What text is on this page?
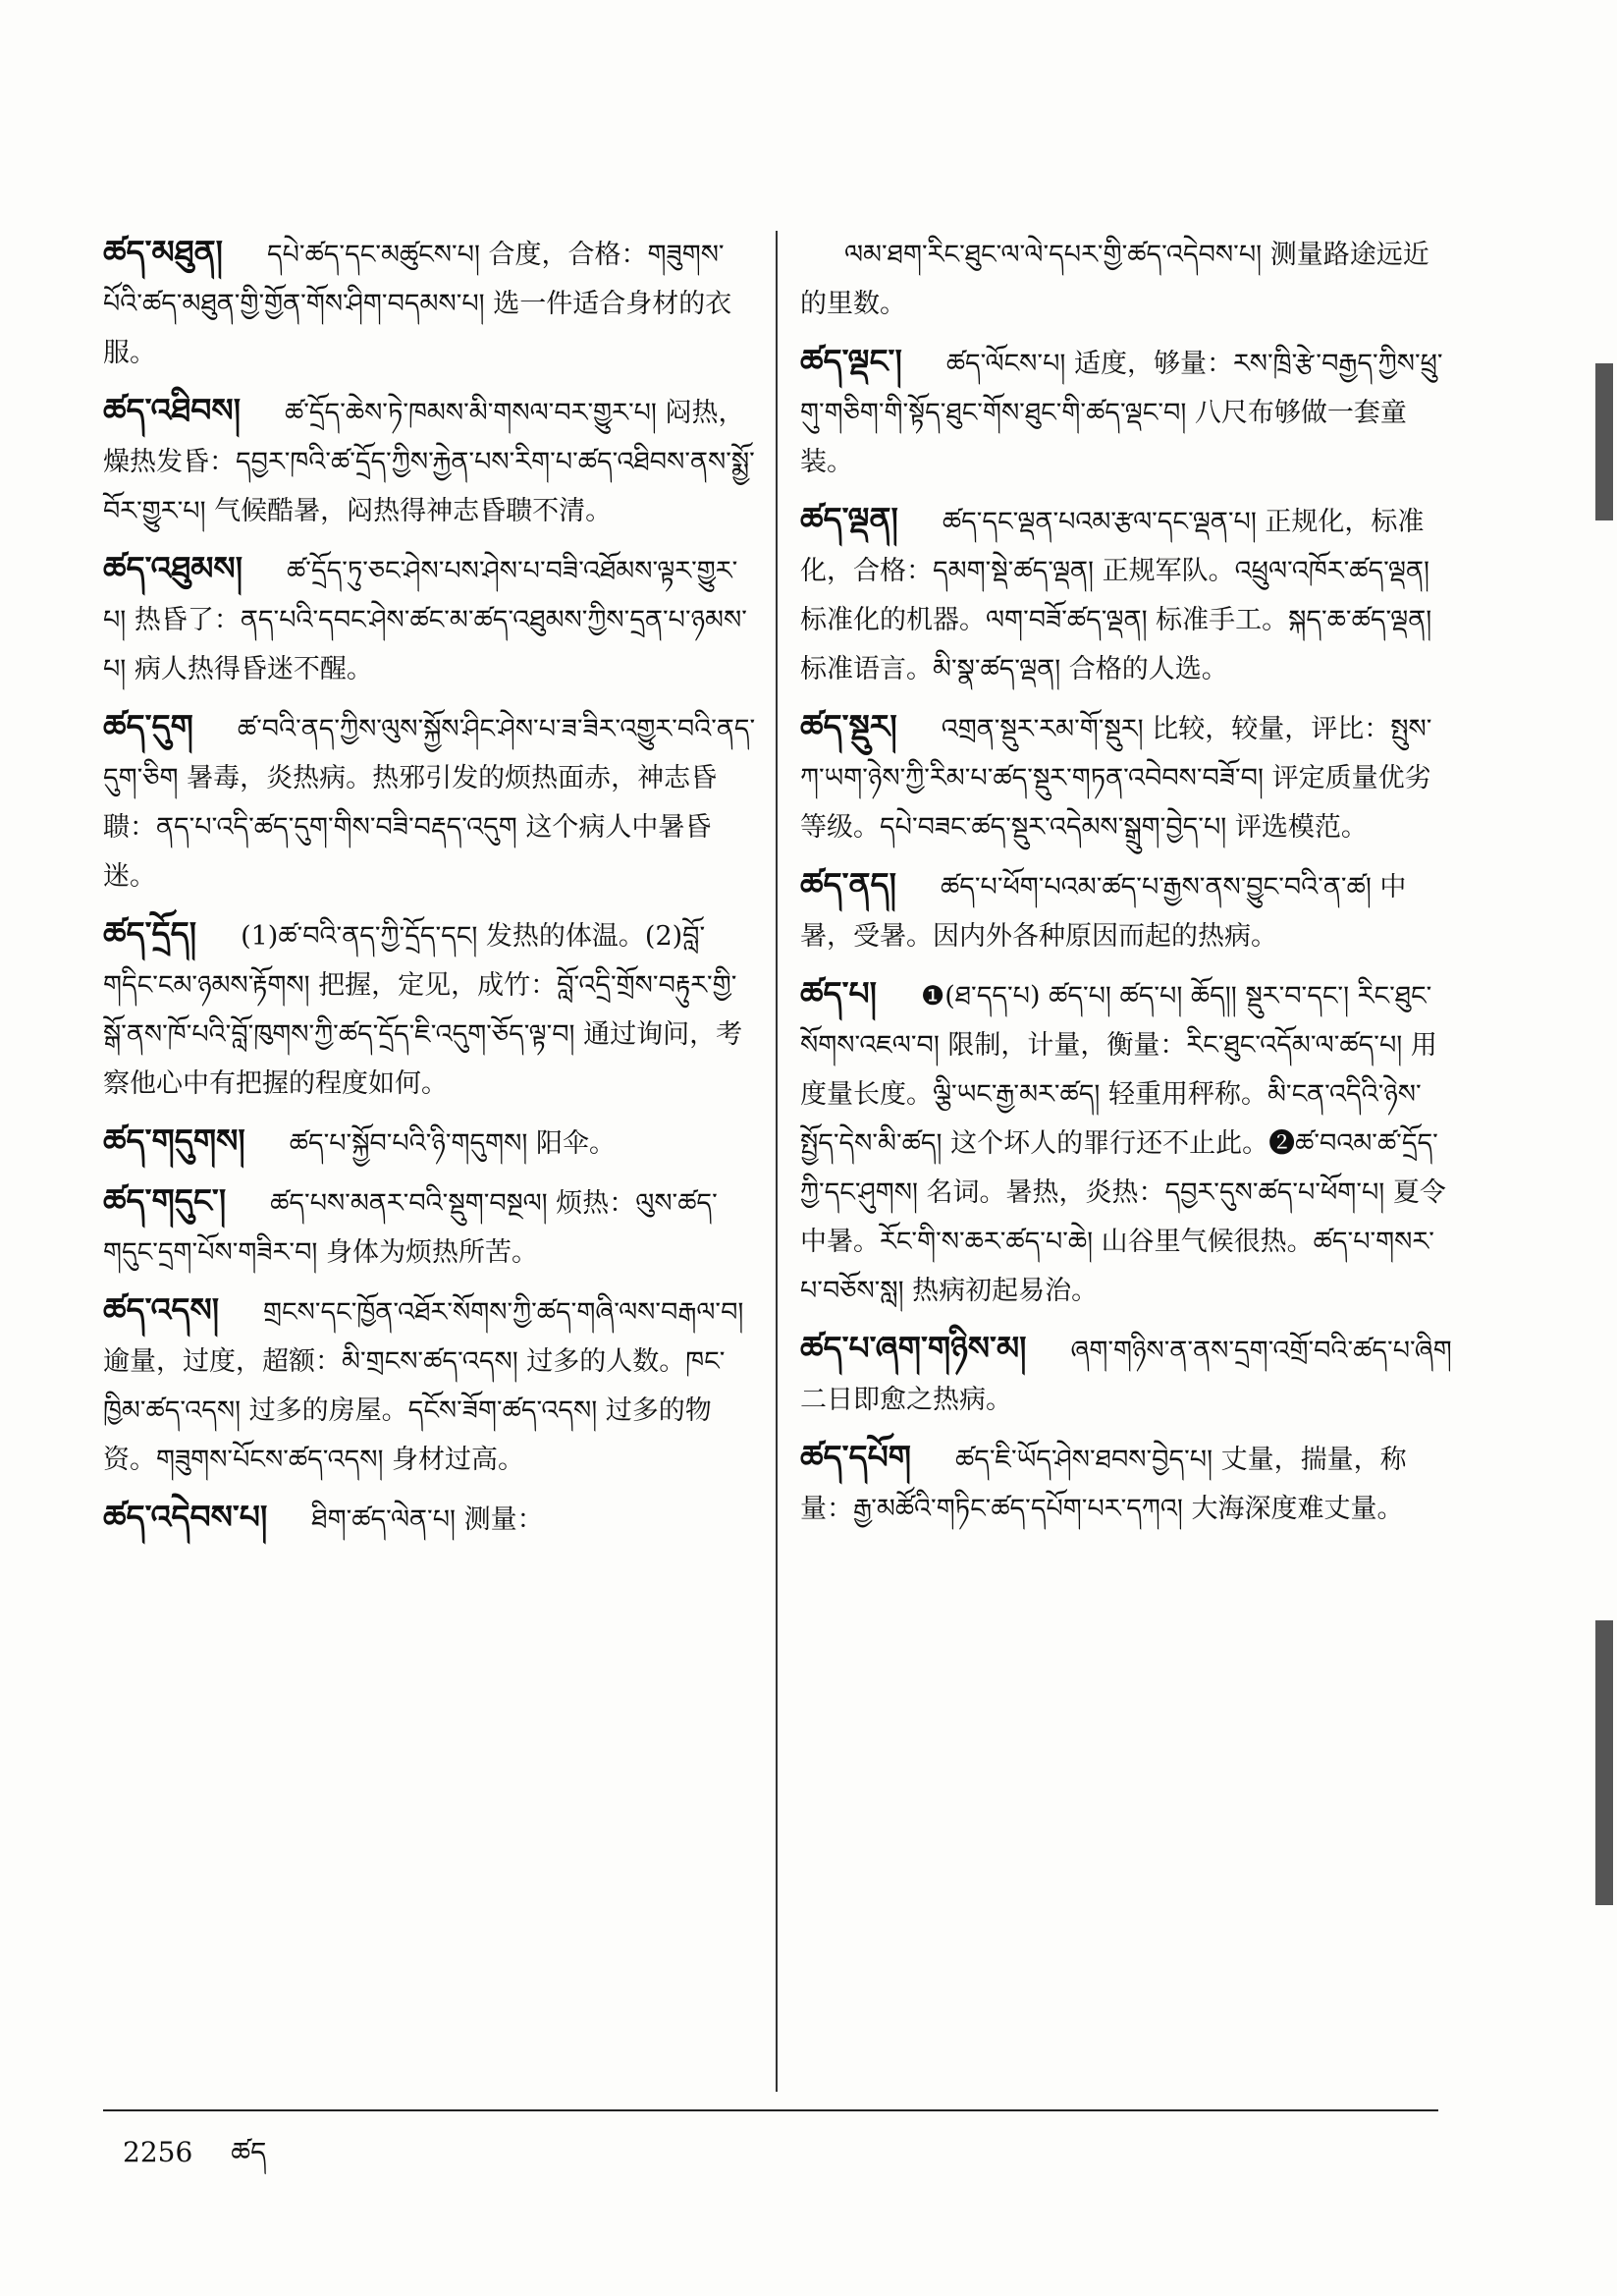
ཚད་མཐུན། དཔེ་ཚད་དང་མཚུངས་པ། 合度，合格：གཟུགས་པོའི་ཚད་མཐུན་གྱི་གྱོན་གོས་ཤིག་བདམས་པ། 选一件适合身材的衣服。
ཚད་འཐིབས། ཚ་དྲོད་ཆེས་ཏེ་ཁམས་མི་གསལ་བར་གྱུར་པ། 闷热，燥热发昏：དབྱར་ཁའི་ཚ་དྲོད་ཀྱིས་རྐྱེན་པས་རིག་པ་ཚད་འཐིབས་ནས་སྨྱོ་བོར་གྱུར་པ། 气候酷暑，闷热得神志昏聩不清。
ཚད་འཐུམས། ཚ་དྲོད་ཏུ་ཅང་ཤེས་པས་ཤེས་པ་བཟི་འཐོམས་ལྟར་གྱུར་པ། 热昏了：ནད་པའི་དབང་ཤེས་ཚང་མ་ཚད་འཐུམས་ཀྱིས་དྲན་པ་ཉམས་པ། 病人热得昏迷不醒。
ཚད་དུག ཚ་བའི་ནད་ཀྱིས་ལུས་སྐྱོས་ཤིང་ཤེས་པ་ཟ་ཟིར་འགྱུར་བའི་ནད་དུག་ཅིག 暑毒，炎热病。热邪引发的烦热面赤，神志昏聩：ནད་པ་འདི་ཚད་དུག་གིས་བཟི་བརྡད་འདུག 这个病人中暑昏迷。
ཚད་དྲོད། (1)ཚ་བའི་ནད་ཀྱི་དྲོད་དང། 发热的体温。(2)བློ་གདིང་ངམ་ཉམས་རྟོགས། 把握，定见，成竹：བློ་འདྲི་གྲོས་བརྟུར་གྱི་སྒོ་ནས་ཁོ་པའི་བློ་ཁུགས་ཀྱི་ཚད་དྲོད་ཇི་འདུག་ཅོད་ལྟ་བ། 通过询问，考察他心中有把握的程度如何。
ཚད་གདུགས། ཚད་པ་སྐྱོབ་པའི་ཉི་གདུགས། 阳伞。
ཚད་གདུང་། ཚད་པས་མནར་བའི་སྡུག་བསྔལ། 烦热：ལུས་ཚད་གདུང་དྲག་པོས་གཟིར་བ། 身体为烦热所苦。
ཚད་འདས། གྲངས་དང་ཁྱོན་འཐོར་སོགས་ཀྱི་ཚད་གཞི་ལས་བརྒལ་བ། 逾量，过度，超额：མི་གྲངས་ཚད་འདས། 过多的人数。ཁང་ཁྱིམ་ཚད་འདས། 过多的房屋。དངོས་ཟོག་ཚད་འདས། 过多的物资。གཟུགས་པོངས་ཚད་འདས། 身材过高。
ཚད་འདེབས་པ། ཐིག་ཚད་ལེན་པ། 测量：
ལམ་ཐག་རིང་ཐུང་ལ་ལེ་དཔར་གྱི་ཚད་འདེབས་པ། 测量路途远近的里数。
ཚད་ལྡང་། ཚད་ལོངས་པ། 适度，够量：རས་ཁྲི་རྩེ་བརྒྱད་ཀྱིས་ཕྲུ་གུ་གཅིག་གི་སྟོད་ཐུང་གོས་ཐུང་གི་ཚད་ལྡང་བ། 八尺布够做一套童装。
ཚད་ལྡན། ཚད་དང་ལྡན་པའམ་རྩལ་དང་ལྡན་པ། 正规化，标准化，合格：དམག་སྡེ་ཚད་ལྡན། 正规军队。འཕྲུལ་འཁོར་ཚད་ལྡན། 标准化的机器。ལག་བཟོ་ཚད་ལྡན། 标准手工。སྐད་ཆ་ཚད་ལྡན། 标准语言。མི་སྣ་ཚད་ལྡན། 合格的人选。
ཚད་སྡུར། འགྲན་སྡུར་རམ་གོ་སྡུར། 比较，较量，评比：སྤུས་ཀ་ཡག་ཉེས་ཀྱི་རིམ་པ་ཚད་སྡུར་གཏན་འབེབས་བཟོ་བ། 评定质量优劣等级。དཔེ་བཟང་ཚད་སྡུར་འདེམས་སྒྲུག་བྱེད་པ། 评选模范。
ཚད་ནད། ཚད་པ་ཕོག་པའམ་ཚད་པ་རྒྱས་ནས་བྱུང་བའི་ན་ཚ། 中暑，受暑。因内外各种原因而起的热病。
ཚད་པ། ❶(ཐ་དད་པ) ཚད་པ། ཚད་པ། ཆོད།། སྡུར་བ་དང་། རིང་ཐུང་སོགས་འཇལ་བ། 限制，计量，衡量：རིང་ཐུང་འདོམ་ལ་ཚད་པ། 用度量长度。ལྕི་ཡང་རྒྱ་མར་ཚད། 轻重用秤称。མི་ངན་འདིའི་ཉེས་སྤྱོད་དེས་མི་ཚད། 这个坏人的罪行还不止此。❷ཚ་བའམ་ཚ་དྲོད་ཀྱི་དང་ཤུགས། 名词。暑热，炎热：དབྱར་དུས་ཚད་པ་ཕོག་པ། 夏令中暑。རོང་གི་ས་ཆར་ཚད་པ་ཆེ། 山谷里气候很热。ཚད་པ་གསར་པ་བཅོས་སླ། 热病初起易治。
ཚད་པ་ཞག་གཉིས་མ། ཞག་གཉིས་ན་ནས་དྲག་འགྲོ་བའི་ཚད་པ་ཞིག 二日即愈之热病。
ཚད་དཔོག ཚད་ཇི་ཡོད་ཤེས་ཐབས་བྱེད་པ། 丈量，揣量，称量：རྒྱ་མཚོའི་གཏིང་ཚད་དཔོག་པར་དཀའ། 大海深度难丈量。
2256 ཚད
